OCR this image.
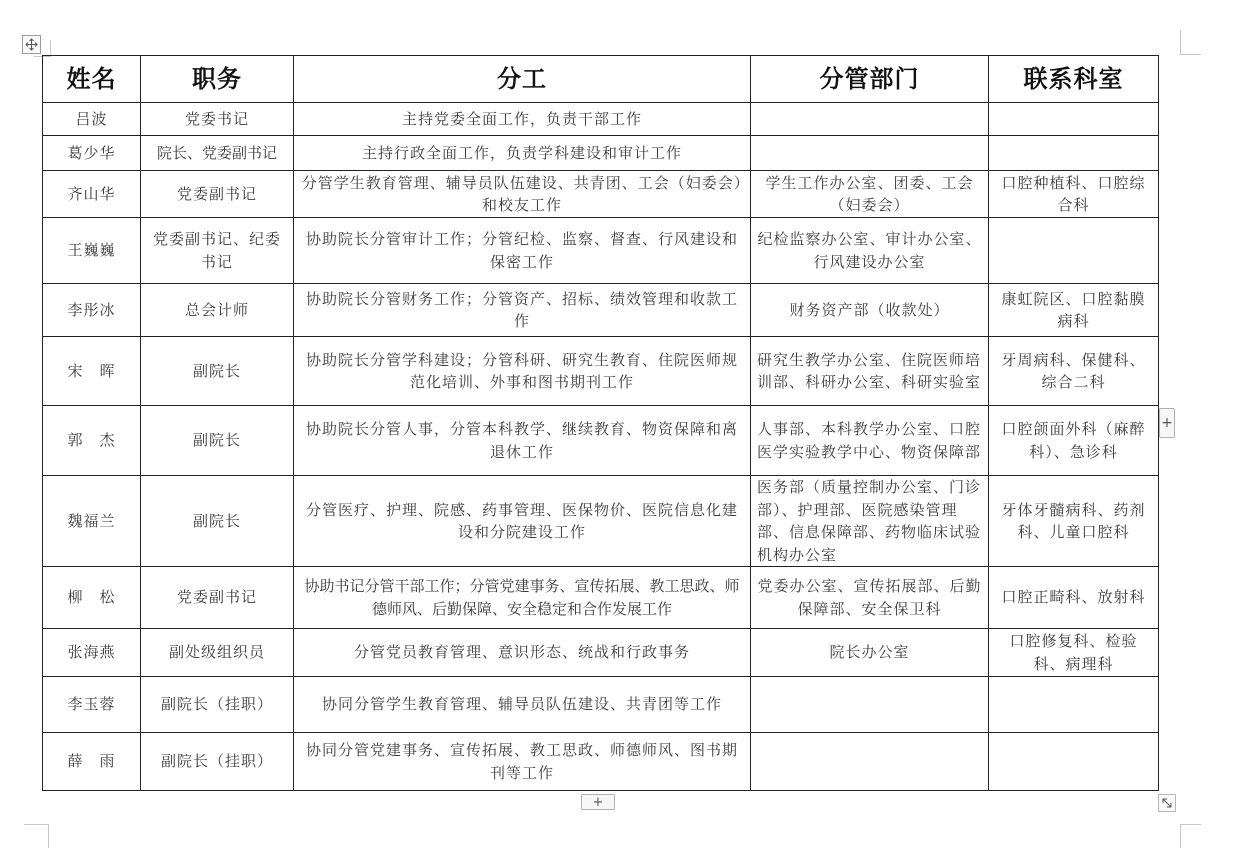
姓名	职务	分工	分管部门	联系科室
吕波	党委书记	主持党委全面工作，负责干部工作		
葛少华	院长、党委副书记	主持行政全面工作，负责学科建设和审计工作		
齐山华	党委副书记	分管学生教育管理、辅导员队伍建设、共青团、工会（妇委会）和校友工作	学生工作办公室、团委、工会（妇委会）	口腔种植科、口腔综合科
王巍巍	党委副书记、纪委书记	协助院长分管审计工作；分管纪检、监察、督查、行风建设和保密工作	纪检监察办公室、审计办公室、行风建设办公室	
李彤冰	总会计师	协助院长分管财务工作；分管资产、招标、绩效管理和收款工作	财务资产部（收款处）	康虹院区、口腔黏膜病科
宋　晖	副院长	协助院长分管学科建设；分管科研、研究生教育、住院医师规范化培训、外事和图书期刊工作	研究生教学办公室、住院医师培训部、科研办公室、科研实验室	牙周病科、保健科、综合二科
郭　杰	副院长	协助院长分管人事，分管本科教学、继续教育、物资保障和离退休工作	人事部、本科教学办公室、口腔医学实验教学中心、物资保障部	口腔颌面外科（麻醉科）、急诊科
魏福兰	副院长	分管医疗、护理、院感、药事管理、医保物价、医院信息化建设和分院建设工作	医务部（质量控制办公室、门诊部）、护理部、医院感染管理部、信息保障部、药物临床试验机构办公室	牙体牙髓病科、药剂科、儿童口腔科
柳　松	党委副书记	协助书记分管干部工作；分管党建事务、宣传拓展、教工思政、师德师风、后勤保障、安全稳定和合作发展工作	党委办公室、宣传拓展部、后勤保障部、安全保卫科	口腔正畸科、放射科
张海燕	副处级组织员	分管党员教育管理、意识形态、统战和行政事务	院长办公室	口腔修复科、检验科、病理科
李玉蓉	副院长（挂职）	协同分管学生教育管理、辅导员队伍建设、共青团等工作		
薛　雨	副院长（挂职）	协同分管党建事务、宣传拓展、教工思政、师德师风、图书期刊等工作		
+
+
